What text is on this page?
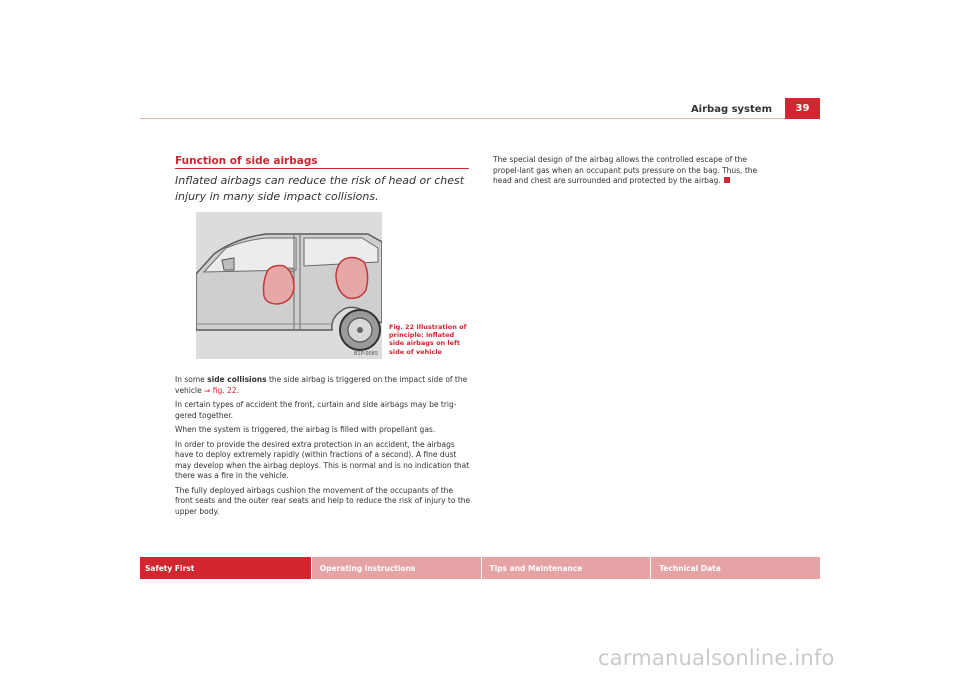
Airbag system	39
Function of side airbags
Inflated airbags can reduce the risk of head or chest injury in many side impact collisions.
B1P-0085
Fig. 22 Illustration of principle: inflated side airbags on left side of vehicle

In some side collisions the side airbag is triggered on the impact side of the vehicle ⇒ fig. 22.

In certain types of accident the front, curtain and side airbags may be trig-gered together.

When the system is triggered, the airbag is filled with propellant gas.

In order to provide the desired extra protection in an accident, the airbags have to deploy extremely rapidly (within fractions of a second). A fine dust may develop when the airbag deploys. This is normal and is no indication that there was a fire in the vehicle.

The fully deployed airbags cushion the movement of the occupants of the front seats and the outer rear seats and help to reduce the risk of injury to the upper body.

The special design of the airbag allows the controlled escape of the propel-lant gas when an occupant puts pressure on the bag. Thus, the head and chest are surrounded and protected by the airbag.

Safety First	Operating instructions	Tips and Maintenance	Technical Data
carmanualsonline.info
